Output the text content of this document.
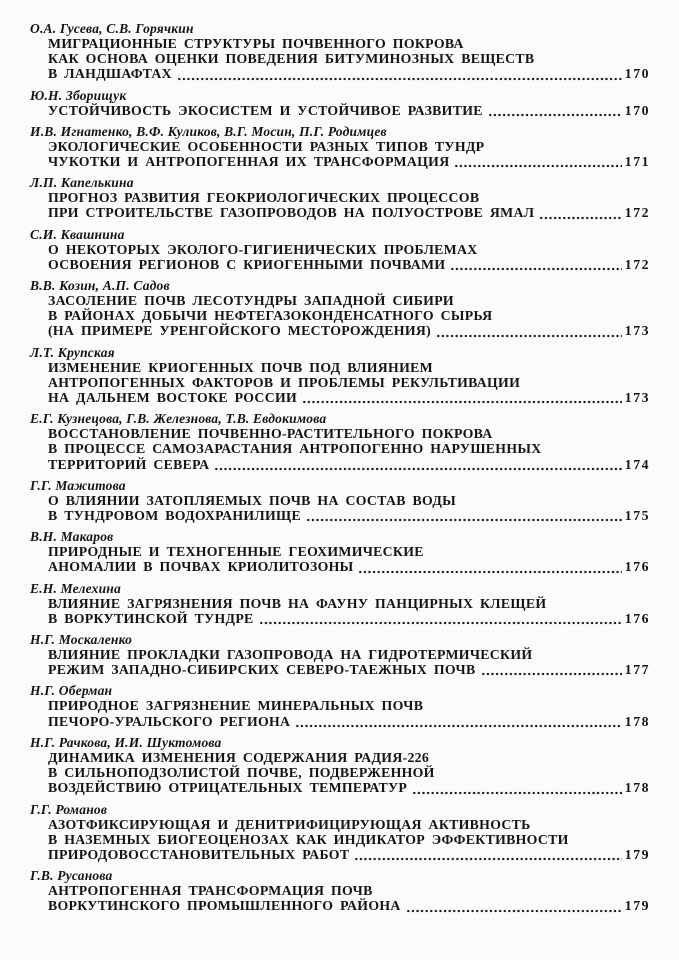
О.А. Гусева, С.В. Горячкин
МИГРАЦИОННЫЕ СТРУКТУРЫ ПОЧВЕННОГО ПОКРОВА
КАК ОСНОВА ОЦЕНКИ ПОВЕДЕНИЯ БИТУМИНОЗНЫХ ВЕЩЕСТВ
В ЛАНДШАФТАХ	170
Ю.Н. Зборищук
УСТОЙЧИВОСТЬ ЭКОСИСТЕМ И УСТОЙЧИВОЕ РАЗВИТИЕ	170
И.В. Игнатенко, В.Ф. Куликов, В.Г. Мосин, П.Г. Родимцев
ЭКОЛОГИЧЕСКИЕ ОСОБЕННОСТИ РАЗНЫХ ТИПОВ ТУНДР
ЧУКОТКИ И АНТРОПОГЕННАЯ ИХ ТРАНСФОРМАЦИЯ	171
Л.П. Капелькина
ПРОГНОЗ РАЗВИТИЯ ГЕОКРИОЛОГИЧЕСКИХ ПРОЦЕССОВ
ПРИ СТРОИТЕЛЬСТВЕ ГАЗОПРОВОДОВ НА ПОЛУОСТРОВЕ ЯМАЛ	172
С.И. Квашнина
О НЕКОТОРЫХ ЭКОЛОГО-ГИГИЕНИЧЕСКИХ ПРОБЛЕМАХ
ОСВОЕНИЯ РЕГИОНОВ С КРИОГЕННЫМИ ПОЧВАМИ	172
В.В. Козин, А.П. Садов
ЗАСОЛЕНИЕ ПОЧВ ЛЕСОТУНДРЫ ЗАПАДНОЙ СИБИРИ
В РАЙОНАХ ДОБЫЧИ НЕФТЕГАЗОКОНДЕНСАТНОГО СЫРЬЯ
(НА ПРИМЕРЕ УРЕНГОЙСКОГО МЕСТОРОЖДЕНИЯ)	173
Л.Т. Крупская
ИЗМЕНЕНИЕ КРИОГЕННЫХ ПОЧВ ПОД ВЛИЯНИЕМ
АНТРОПОГЕННЫХ ФАКТОРОВ И ПРОБЛЕМЫ РЕКУЛЬТИВАЦИИ
НА ДАЛЬНЕМ ВОСТОКЕ РОССИИ	173
Е.Г. Кузнецова, Г.В. Железнова, Т.В. Евдокимова
ВОССТАНОВЛЕНИЕ ПОЧВЕННО-РАСТИТЕЛЬНОГО ПОКРОВА
В ПРОЦЕССЕ САМОЗАРАСТАНИЯ АНТРОПОГЕННО НАРУШЕННЫХ
ТЕРРИТОРИЙ СЕВЕРА	174
Г.Г. Мажитова
О ВЛИЯНИИ ЗАТОПЛЯЕМЫХ ПОЧВ НА СОСТАВ ВОДЫ
В ТУНДРОВОМ ВОДОХРАНИЛИЩЕ	175
В.Н. Макаров
ПРИРОДНЫЕ И ТЕХНОГЕННЫЕ ГЕОХИМИЧЕСКИЕ
АНОМАЛИИ В ПОЧВАХ КРИОЛИТОЗОНЫ	176
Е.Н. Мелехина
ВЛИЯНИЕ ЗАГРЯЗНЕНИЯ ПОЧВ НА ФАУНУ ПАНЦИРНЫХ КЛЕЩЕЙ
В ВОРКУТИНСКОЙ ТУНДРЕ	176
Н.Г. Москаленко
ВЛИЯНИЕ ПРОКЛАДКИ ГАЗОПРОВОДА НА ГИДРОТЕРМИЧЕСКИЙ
РЕЖИМ ЗАПАДНО-СИБИРСКИХ СЕВЕРО-ТАЕЖНЫХ ПОЧВ	177
Н.Г. Оберман
ПРИРОДНОЕ ЗАГРЯЗНЕНИЕ МИНЕРАЛЬНЫХ ПОЧВ
ПЕЧОРО-УРАЛЬСКОГО РЕГИОНА	178
Н.Г. Рачкова, И.И. Шуктомова
ДИНАМИКА ИЗМЕНЕНИЯ СОДЕРЖАНИЯ РАДИЯ-226
В СИЛЬНОПОДЗОЛИСТОЙ ПОЧВЕ, ПОДВЕРЖЕННОЙ
ВОЗДЕЙСТВИЮ ОТРИЦАТЕЛЬНЫХ ТЕМПЕРАТУР	178
Г.Г. Романов
АЗОТФИКСИРУЮЩАЯ И ДЕНИТРИФИЦИРУЮЩАЯ АКТИВНОСТЬ
В НАЗЕМНЫХ БИОГЕОЦЕНОЗАХ КАК ИНДИКАТОР ЭФФЕКТИВНОСТИ
ПРИРОДОВОССТАНОВИТЕЛЬНЫХ РАБОТ	179
Г.В. Русанова
АНТРОПОГЕННАЯ ТРАНСФОРМАЦИЯ ПОЧВ
ВОРКУТИНСКОГО ПРОМЫШЛЕННОГО РАЙОНА	179
